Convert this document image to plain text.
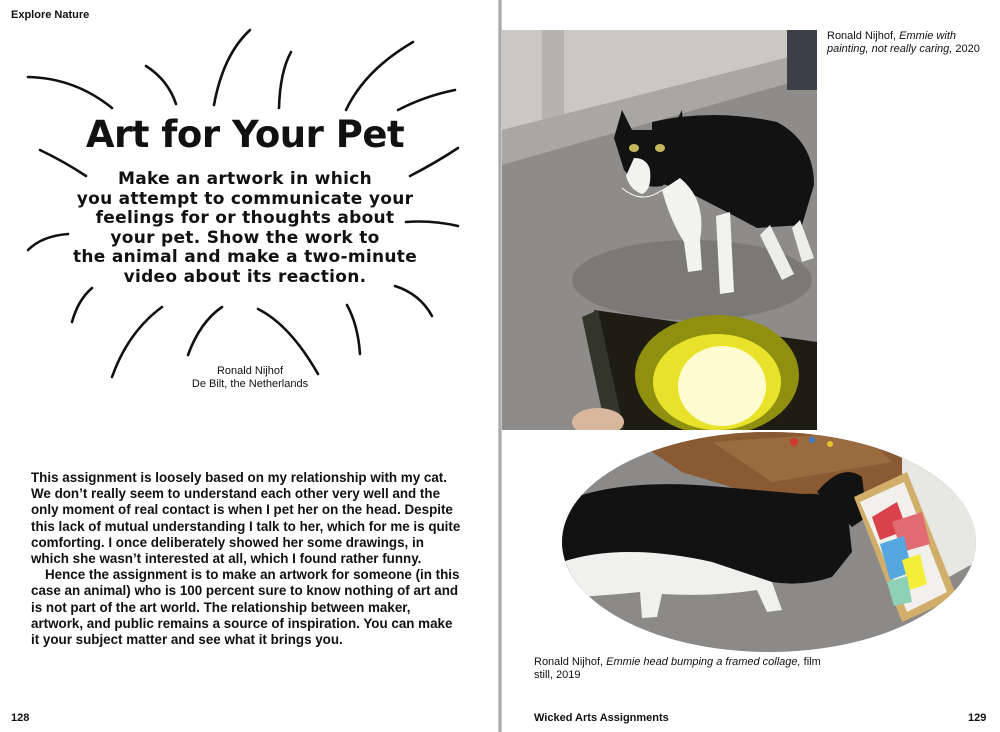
Explore Nature
Art for Your Pet
Make an artwork in which
you attempt to communicate your
feelings for or thoughts about
your pet. Show the work to
the animal and make a two-minute
video about its reaction.
Ronald Nijhof
De Bilt, the Netherlands

This assignment is loosely based on my relationship with my cat. We don’t really seem to understand each other very well and the only moment of real contact is when I pet her on the head. Despite this lack of mutual understanding I talk to her, which for me is quite comforting. I once deliberately showed her some drawings, in which she wasn’t interested at all, which I found rather funny.

Hence the assignment is to make an artwork for someone (in this case an animal) who is 100 percent sure to know nothing of art and is not part of the art world. The relationship between maker, artwork, and public remains a source of inspiration. You can make it your subject matter and see what it brings you.

128
Ronald Nijhof, Emmie with painting, not really caring, 2020
Ronald Nijhof, Emmie head bumping a framed collage, film still, 2019
Wicked Arts Assignments	129
